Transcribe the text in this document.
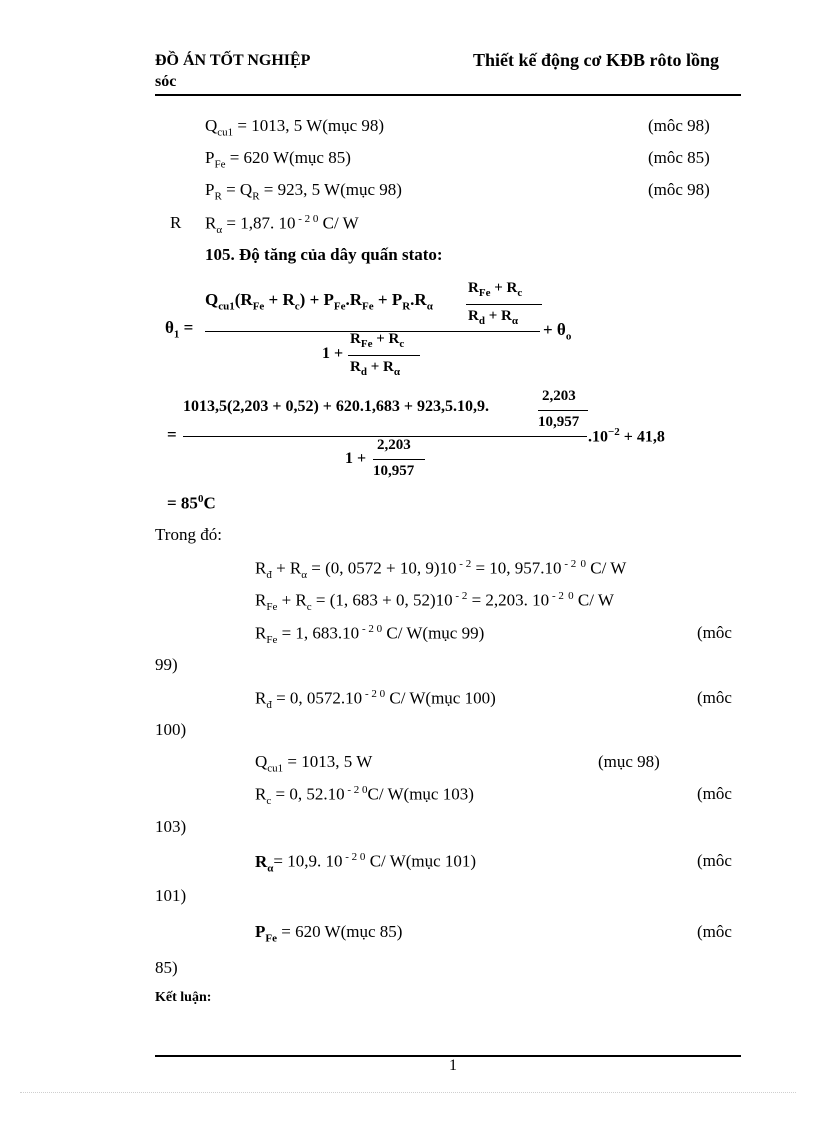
ĐỒ ÁN TỐT NGHIỆP
sóc
Thiết kế động cơ KĐB rôto lồng
$Q_{cu1} = 1013$, 5 W(mục 98)	(môc 98)
$P_{Fe} = 620$ W(mục 85)	(môc 85)
$P_R = Q_R = 923$, 5 W(mục 98)	(môc 98)
R $R_\alpha = 1,87$. 10 $^{- 2 0}$ C/ W
105. Độ tăng của dây quấn stato:
$\theta_1$ =
$Q_{cu1}(R_{Fe} + R_c) + P_{Fe}.R_{Fe} + P_R.R_\alpha$
$R_{Fe} + R_c$
$R_d + R_\alpha + \theta_o$
1 +
$R_{Fe} + R_c$
$R_d + R_\alpha$
=
1013,5(2,203 + 0,52) + 620.1,683 + 923,5.10,9.
2,203
10,957
$.10^{-2} + 41,8$
1 +
2,203
10,957
= $85^0C$
Trong đó:
$R_đ + R_\alpha = (0$, 0572 + 10, 9)10 $^{- 2}$ = 10, 957.10 $^{- 2}$ $^0$ C/ W
$R_{Fe} + R_c = (1$, 683 + 0, 52)10 $^{- 2}$ = 2,203. 10 $^{- 2}$ $^0$ C/ W
$R_{Fe} = 1$, 683.10 $^{- 2 0}$ C/ W(mục 99)	(môc
99)
$R_đ = 0$, 0572.10 $^{- 2 0}$ C/ W(mục 100)	(môc
100)
$Q_{cu1} = 1013$, 5 W	(mục 98)
$R_c = 0$, 52.10 $^{- 2 0}$C/ W(mục 103)	(môc
103)
$R_\alpha= 10,9$. 10 $^{- 2 0}$ C/ W(mục 101)	(môc
101)
$P_{Fe} = 620$ W(mục 85)	(môc
85)
Kết luận:
1
